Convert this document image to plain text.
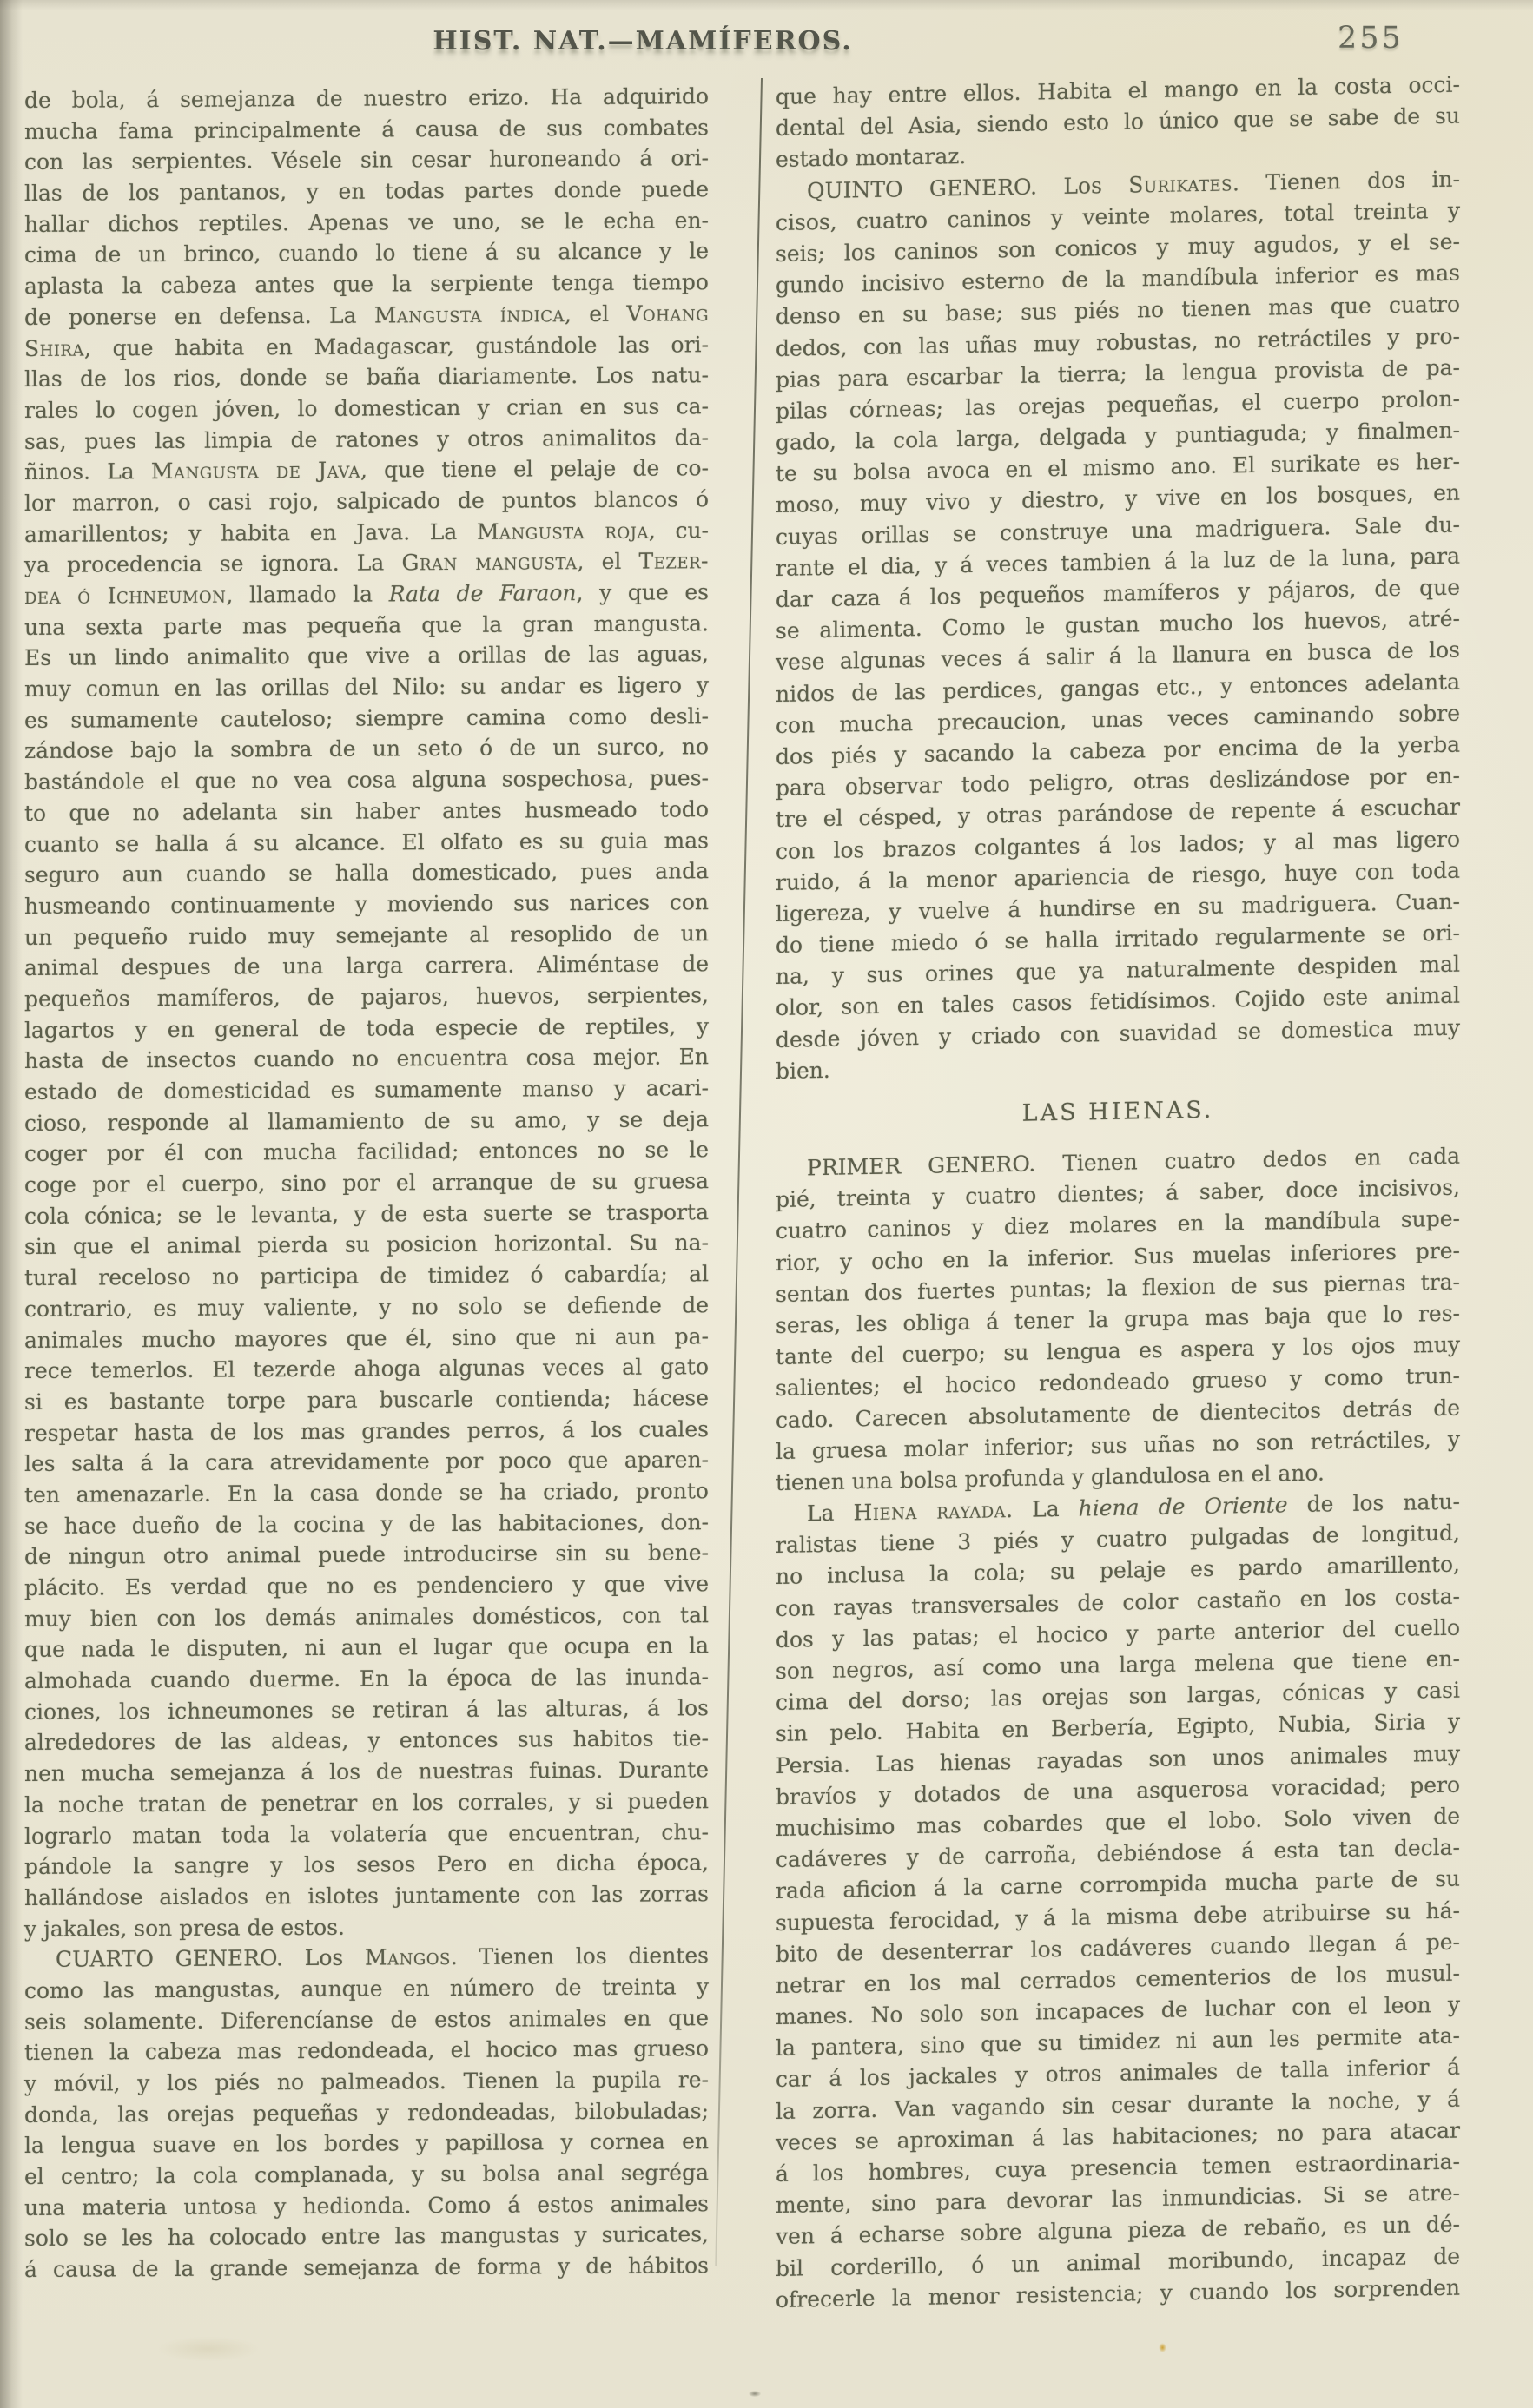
HIST. NAT.—MAMÍFEROS.	255
de bola, á semejanza de nuestro erizo. Ha adquirido
mucha fama principalmente á causa de sus combates
con las serpientes. Vésele sin cesar huroneando á ori-
llas de los pantanos, y en todas partes donde puede
hallar dichos reptiles. Apenas ve uno, se le echa en-
cima de un brinco, cuando lo tiene á su alcance y le
aplasta la cabeza antes que la serpiente tenga tiempo
de ponerse en defensa. La Mangusta índica, el Vohang
Shira, que habita en Madagascar, gustándole las ori-
llas de los rios, donde se baña diariamente. Los natu-
rales lo cogen jóven, lo domestican y crian en sus ca-
sas, pues las limpia de ratones y otros animalitos da-
ñinos. La Mangusta de Java, que tiene el pelaje de co-
lor marron, o casi rojo, salpicado de puntos blancos ó
amarillentos; y habita en Java. La Mangusta roja, cu-
ya procedencia se ignora. La Gran mangusta, el Tezer-
dea ó Ichneumon, llamado la Rata de Faraon, y que es
una sexta parte mas pequeña que la gran mangusta.
Es un lindo animalito que vive a orillas de las aguas,
muy comun en las orillas del Nilo: su andar es ligero y
es sumamente cauteloso; siempre camina como desli-
zándose bajo la sombra de un seto ó de un surco, no
bastándole el que no vea cosa alguna sospechosa, pues-
to que no adelanta sin haber antes husmeado todo
cuanto se halla á su alcance. El olfato es su guia mas
seguro aun cuando se halla domesticado, pues anda
husmeando continuamente y moviendo sus narices con
un pequeño ruido muy semejante al resoplido de un
animal despues de una larga carrera. Aliméntase de
pequeños mamíferos, de pajaros, huevos, serpientes,
lagartos y en general de toda especie de reptiles, y
hasta de insectos cuando no encuentra cosa mejor. En
estado de domesticidad es sumamente manso y acari-
cioso, responde al llamamiento de su amo, y se deja
coger por él con mucha facilidad; entonces no se le
coge por el cuerpo, sino por el arranque de su gruesa
cola cónica; se le levanta, y de esta suerte se trasporta
sin que el animal pierda su posicion horizontal. Su na-
tural receloso no participa de timidez ó cabardía; al
contrario, es muy valiente, y no solo se defiende de
animales mucho mayores que él, sino que ni aun pa-
rece temerlos. El tezerde ahoga algunas veces al gato
si es bastante torpe para buscarle contienda; hácese
respetar hasta de los mas grandes perros, á los cuales
les salta á la cara atrevidamente por poco que aparen-
ten amenazarle. En la casa donde se ha criado, pronto
se hace dueño de la cocina y de las habitaciones, don-
de ningun otro animal puede introducirse sin su bene-
plácito. Es verdad que no es pendenciero y que vive
muy bien con los demás animales domésticos, con tal
que nada le disputen, ni aun el lugar que ocupa en la
almohada cuando duerme. En la época de las inunda-
ciones, los ichneumones se retiran á las alturas, á los
alrededores de las aldeas, y entonces sus habitos tie-
nen mucha semejanza á los de nuestras fuinas. Durante
la noche tratan de penetrar en los corrales, y si pueden
lograrlo matan toda la volatería que encuentran, chu-
pándole la sangre y los sesos Pero en dicha época,
hallándose aislados en islotes juntamente con las zorras
y jakales, son presa de estos.
CUARTO GENERO. Los Mangos. Tienen los dientes
como las mangustas, aunque en número de treinta y
seis solamente. Diferencíanse de estos animales en que
tienen la cabeza mas redondeada, el hocico mas grueso
y móvil, y los piés no palmeados. Tienen la pupila re-
donda, las orejas pequeñas y redondeadas, bilobuladas;
la lengua suave en los bordes y papillosa y cornea en
el centro; la cola complanada, y su bolsa anal segréga
una materia untosa y hedionda. Como á estos animales
solo se les ha colocado entre las mangustas y suricates,
á causa de la grande semejanza de forma y de hábitos
que hay entre ellos. Habita el mango en la costa occi-
dental del Asia, siendo esto lo único que se sabe de su
estado montaraz.
QUINTO GENERO. Los Surikates. Tienen dos in-
cisos, cuatro caninos y veinte molares, total treinta y
seis; los caninos son conicos y muy agudos, y el se-
gundo incisivo esterno de la mandíbula inferior es mas
denso en su base; sus piés no tienen mas que cuatro
dedos, con las uñas muy robustas, no retráctiles y pro-
pias para escarbar la tierra; la lengua provista de pa-
pilas córneas; las orejas pequeñas, el cuerpo prolon-
gado, la cola larga, delgada y puntiaguda; y finalmen-
te su bolsa avoca en el mismo ano. El surikate es her-
moso, muy vivo y diestro, y vive en los bosques, en
cuyas orillas se construye una madriguera. Sale du-
rante el dia, y á veces tambien á la luz de la luna, para
dar caza á los pequeños mamíferos y pájaros, de que
se alimenta. Como le gustan mucho los huevos, atré-
vese algunas veces á salir á la llanura en busca de los
nidos de las perdices, gangas etc., y entonces adelanta
con mucha precaucion, unas veces caminando sobre
dos piés y sacando la cabeza por encima de la yerba
para observar todo peligro, otras deslizándose por en-
tre el césped, y otras parándose de repente á escuchar
con los brazos colgantes á los lados; y al mas ligero
ruido, á la menor apariencia de riesgo, huye con toda
ligereza, y vuelve á hundirse en su madriguera. Cuan-
do tiene miedo ó se halla irritado regularmente se ori-
na, y sus orines que ya naturalmente despiden mal
olor, son en tales casos fetidísimos. Cojido este animal
desde jóven y criado con suavidad se domestica muy
bien.
LAS HIENAS.
PRIMER GENERO. Tienen cuatro dedos en cada
pié, treinta y cuatro dientes; á saber, doce incisivos,
cuatro caninos y diez molares en la mandíbula supe-
rior, y ocho en la inferior. Sus muelas inferiores pre-
sentan dos fuertes puntas; la flexion de sus piernas tra-
seras, les obliga á tener la grupa mas baja que lo res-
tante del cuerpo; su lengua es aspera y los ojos muy
salientes; el hocico redondeado grueso y como trun-
cado. Carecen absolutamente de dientecitos detrás de
la gruesa molar inferior; sus uñas no son retráctiles, y
tienen una bolsa profunda y glandulosa en el ano.
La Hiena rayada. La hiena de Oriente de los natu-
ralistas tiene 3 piés y cuatro pulgadas de longitud,
no inclusa la cola; su pelaje es pardo amarillento,
con rayas transversales de color castaño en los costa-
dos y las patas; el hocico y parte anterior del cuello
son negros, así como una larga melena que tiene en-
cima del dorso; las orejas son largas, cónicas y casi
sin pelo. Habita en Berbería, Egipto, Nubia, Siria y
Persia. Las hienas rayadas son unos animales muy
bravíos y dotados de una asquerosa voracidad; pero
muchisimo mas cobardes que el lobo. Solo viven de
cadáveres y de carroña, debiéndose á esta tan decla-
rada aficion á la carne corrompida mucha parte de su
supuesta ferocidad, y á la misma debe atribuirse su há-
bito de desenterrar los cadáveres cuando llegan á pe-
netrar en los mal cerrados cementerios de los musul-
manes. No solo son incapaces de luchar con el leon y
la pantera, sino que su timidez ni aun les permite ata-
car á los jackales y otros animales de talla inferior á
la zorra. Van vagando sin cesar durante la noche, y á
veces se aproximan á las habitaciones; no para atacar
á los hombres, cuya presencia temen estraordinaria-
mente, sino para devorar las inmundicias. Si se atre-
ven á echarse sobre alguna pieza de rebaño, es un dé-
bil corderillo, ó un animal moribundo, incapaz de
ofrecerle la menor resistencia; y cuando los sorprenden
